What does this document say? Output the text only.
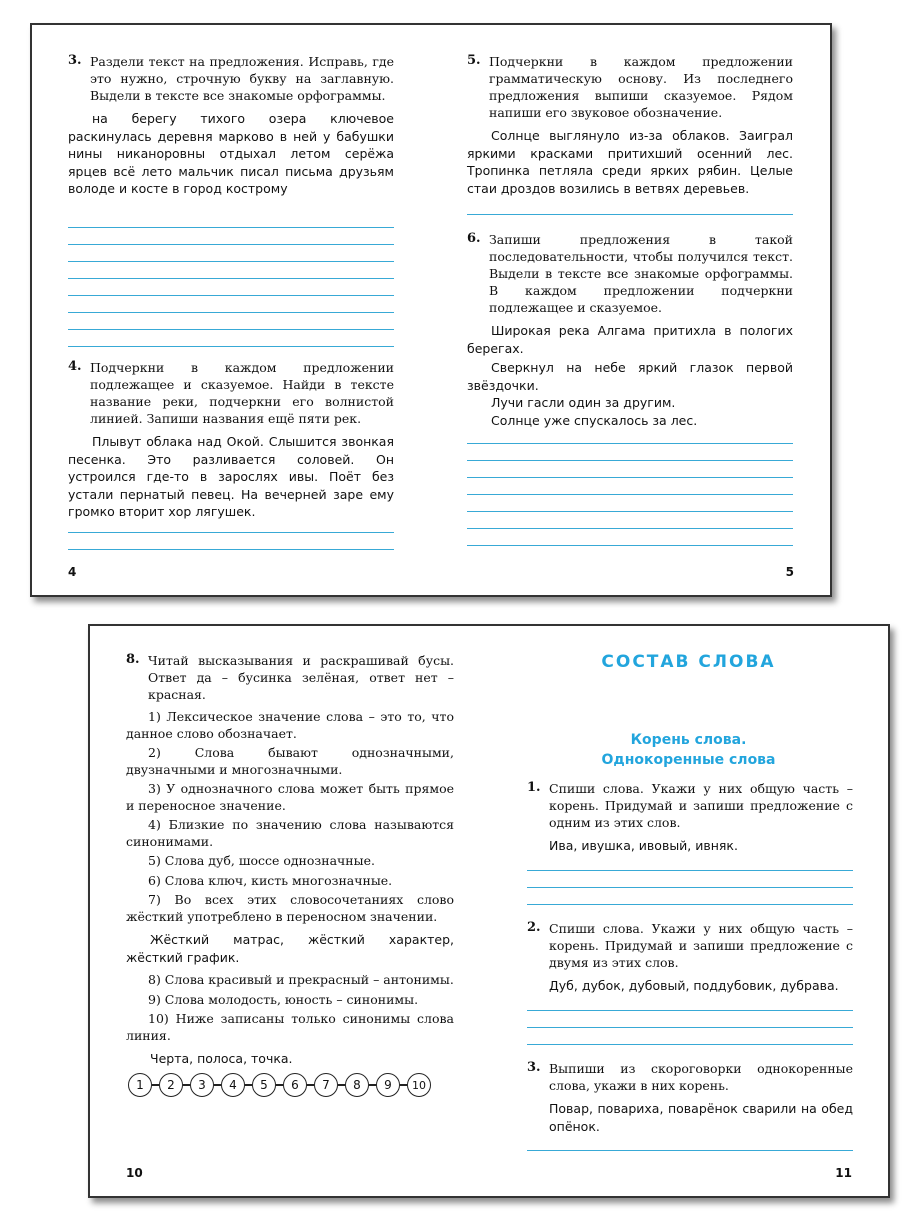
3. Раздели текст на предложения. Исправь, где это нужно, строчную букву на заглавную. Выдели в тексте все знакомые орфограммы.

на берегу тихого озера ключевое раскинулась деревня марково в ней у бабушки нины никаноровны отдыхал летом серёжа ярцев всё лето мальчик писал письма друзьям володе и косте в город кострому

4. Подчеркни в каждом предложении подлежащее и сказуемое. Найди в тексте название реки, подчеркни его волнистой линией. Запиши названия ещё пяти рек.

Плывут облака над Окой. Слышится звонкая песенка. Это разливается соловей. Он устроился где-то в зарослях ивы. Поёт без устали пернатый певец. На вечерней заре ему громко вторит хор лягушек.

4
5. Подчеркни в каждом предложении грамматическую основу. Из последнего предложения выпиши сказуемое. Рядом напиши его звуковое обозначение.

Солнце выглянуло из-за облаков. Заиграл яркими красками притихший осенний лес. Тропинка петляла среди ярких рябин. Целые стаи дроздов возились в ветвях деревьев.

6. Запиши предложения в такой последовательности, чтобы получился текст. Выдели в тексте все знакомые орфограммы. В каждом предложении подчеркни подлежащее и сказуемое.

Широкая река Алгама притихла в пологих берегах.

Сверкнул на небе яркий глазок первой звёздочки.

Лучи гасли один за другим.

Солнце уже спускалось за лес.

5
8. Читай высказывания и раскрашивай бусы. Ответ да – бусинка зелёная, ответ нет – красная.

1) Лексическое значение слова – это то, что данное слово обозначает.

2) Слова бывают однозначными, двузначными и многозначными.

3) У однозначного слова может быть прямое и переносное значение.

4) Близкие по значению слова называются синонимами.

5) Слова дуб, шоссе однозначные.

6) Слова ключ, кисть многозначные.

7) Во всех этих словосочетаниях слово жёсткий употреблено в переносном значении.

Жёсткий матрас, жёсткий характер, жёсткий график.

8) Слова красивый и прекрасный – антонимы.

9) Слова молодость, юность – синонимы.

10) Ниже записаны только синонимы слова линия.

Черта, полоса, точка.

1	2	3	4	5	6	7	8	9	10
10
СОСТАВ СЛОВА
Корень слова.
Однокоренные слова
1. Спиши слова. Укажи у них общую часть – корень. Придумай и запиши предложение с одним из этих слов.

Ива, ивушка, ивовый, ивняк.

2. Спиши слова. Укажи у них общую часть – корень. Придумай и запиши предложение с двумя из этих слов.

Дуб, дубок, дубовый, поддубовик, дубрава.

3. Выпиши из скороговорки однокоренные слова, укажи в них корень.

Повар, повариха, поварёнок сварили на обед опёнок.

11
